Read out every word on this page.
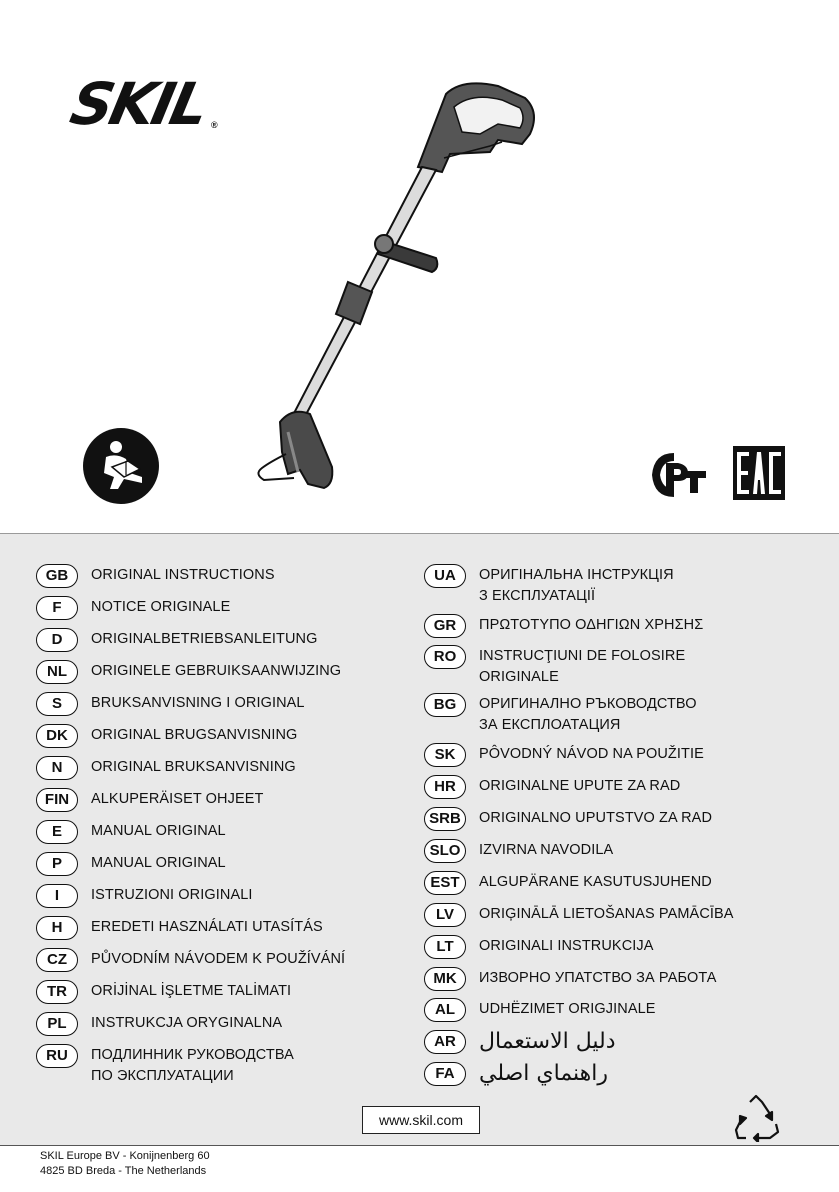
SKIL
®
GB	ORIGINAL INSTRUCTIONS
F	NOTICE ORIGINALE
D	ORIGINALBETRIEBSANLEITUNG
NL	ORIGINELE GEBRUIKSAANWIJZING
S	BRUKSANVISNING I ORIGINAL
DK	ORIGINAL BRUGSANVISNING
N	ORIGINAL BRUKSANVISNING
FIN	ALKUPERÄISET OHJEET
E	MANUAL ORIGINAL
P	MANUAL ORIGINAL
I	ISTRUZIONI ORIGINALI
H	EREDETI HASZNÁLATI UTASÍTÁS
CZ	PŮVODNÍM NÁVODEM K POUŽÍVÁNÍ
TR	ORİJİNAL İŞLETME TALİMATI
PL	INSTRUKCJA ORYGINALNA
RU	ПОДЛИННИК РУКОВОДСТВА
ПО ЭКСПЛУАТАЦИИ
UA	ОРИГІНАЛЬНА ІНСТРУКЦІЯ
З ЕКСПЛУАТАЦІЇ
GR	ΠΡΩΤΟΤΥΠΟ ΟΔΗΓΙΩΝ ΧΡΗΣΗΣ
RO	INSTRUCŢIUNI DE FOLOSIRE
ORIGINALE
BG	ОРИГИНАЛНО РЪКОВОДСТВО
ЗА ЕКСПЛОАТАЦИЯ
SK	PÔVODNÝ NÁVOD NA POUŽITIE
HR	ORIGINALNE UPUTE ZA RAD
SRB	ORIGINALNO UPUTSTVO ZA RAD
SLO	IZVIRNA NAVODILA
EST	ALGUPÄRANE KASUTUSJUHEND
LV	ORIĢINĀLĀ LIETOŠANAS PAMĀCĪBA
LT	ORIGINALI INSTRUKCIJA
MK	ИЗВОРНО УПАТСТВО ЗА РАБОТА
AL	UDHËZIMET ORIGJINALE
AR	دليل الاستعمال
FA	راهنماي اصلي
www.skil.com
SKIL Europe BV - Konijnenberg 60
4825 BD Breda - The Netherlands
